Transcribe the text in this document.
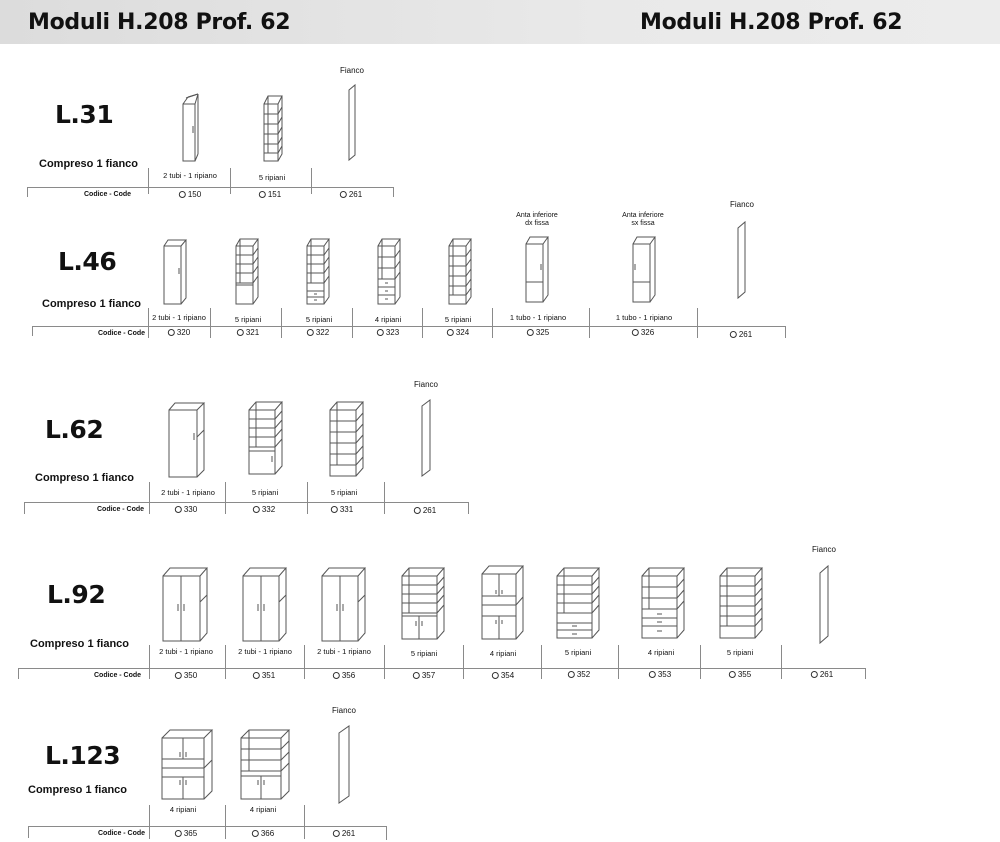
Moduli H.208 Prof. 62	Moduli H.208 Prof. 62
L.31
Compreso 1 fianco
Fianco
Codice - Code
2 tubi - 1 ripiano	5 ripiani
150	151	261
L.46
Compreso 1 fianco
Fianco
Anta inferiore
dx fissa
Anta inferiore
sx fissa
Codice - Code
2 tubi - 1 ripiano	5 ripiani	5 ripiani	4 ripiani	5 ripiani	1 tubo - 1 ripiano	1 tubo - 1 ripiano
320	321	322	323	324	325	326	261
L.62
Compreso 1 fianco
Fianco
Codice - Code
2 tubi - 1 ripiano	5 ripiani	5 ripiani
330	332	331	261
L.92
Compreso 1 fianco
Fianco
Codice - Code
2 tubi - 1 ripiano	2 tubi - 1 ripiano	2 tubi - 1 ripiano	5 ripiani	4 ripiani	5 ripiani	4 ripiani	5 ripiani
350	351	356	357	354	352	353	355	261
L.123
Compreso 1 fianco
Fianco
Codice - Code
4 ripiani	4 ripiani
365	366	261
